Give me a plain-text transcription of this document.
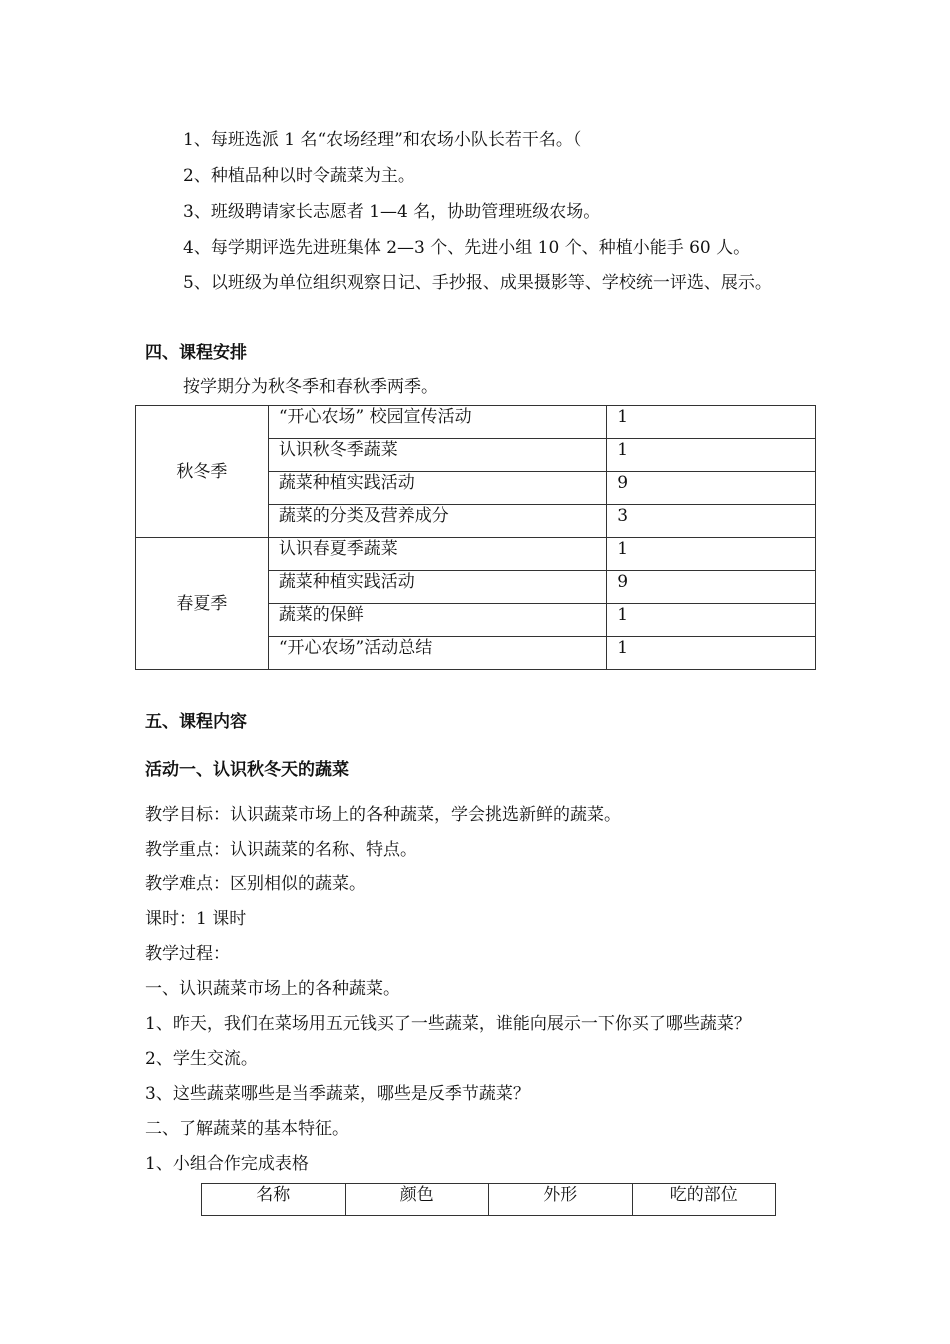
1、每班选派 1 名“农场经理”和农场小队长若干名。（
2、种植品种以时令蔬菜为主。
3、班级聘请家长志愿者 1—4 名，协助管理班级农场。
4、每学期评选先进班集体 2—3 个、先进小组 10 个、种植小能手 60 人。
5、以班级为单位组织观察日记、手抄报、成果摄影等、学校统一评选、展示。
四、课程安排
按学期分为秋冬季和春秋季两季。
秋冬季	“开心农场” 校园宣传活动	1
	认识秋冬季蔬菜	1
	蔬菜种植实践活动	9
	蔬菜的分类及营养成分	3
春夏季	认识春夏季蔬菜	1
	蔬菜种植实践活动	9
	蔬菜的保鲜	1
	“开心农场”活动总结	1
五、课程内容
活动一、认识秋冬天的蔬菜
教学目标：认识蔬菜市场上的各种蔬菜，学会挑选新鲜的蔬菜。
教学重点：认识蔬菜的名称、特点。
教学难点：区别相似的蔬菜。
课时：1 课时
教学过程：
一、认识蔬菜市场上的各种蔬菜。
1、昨天，我们在菜场用五元钱买了一些蔬菜，谁能向展示一下你买了哪些蔬菜？
2、学生交流。
3、这些蔬菜哪些是当季蔬菜，哪些是反季节蔬菜？
二、了解蔬菜的基本特征。
1、小组合作完成表格
名称	颜色	外形	吃的部位
